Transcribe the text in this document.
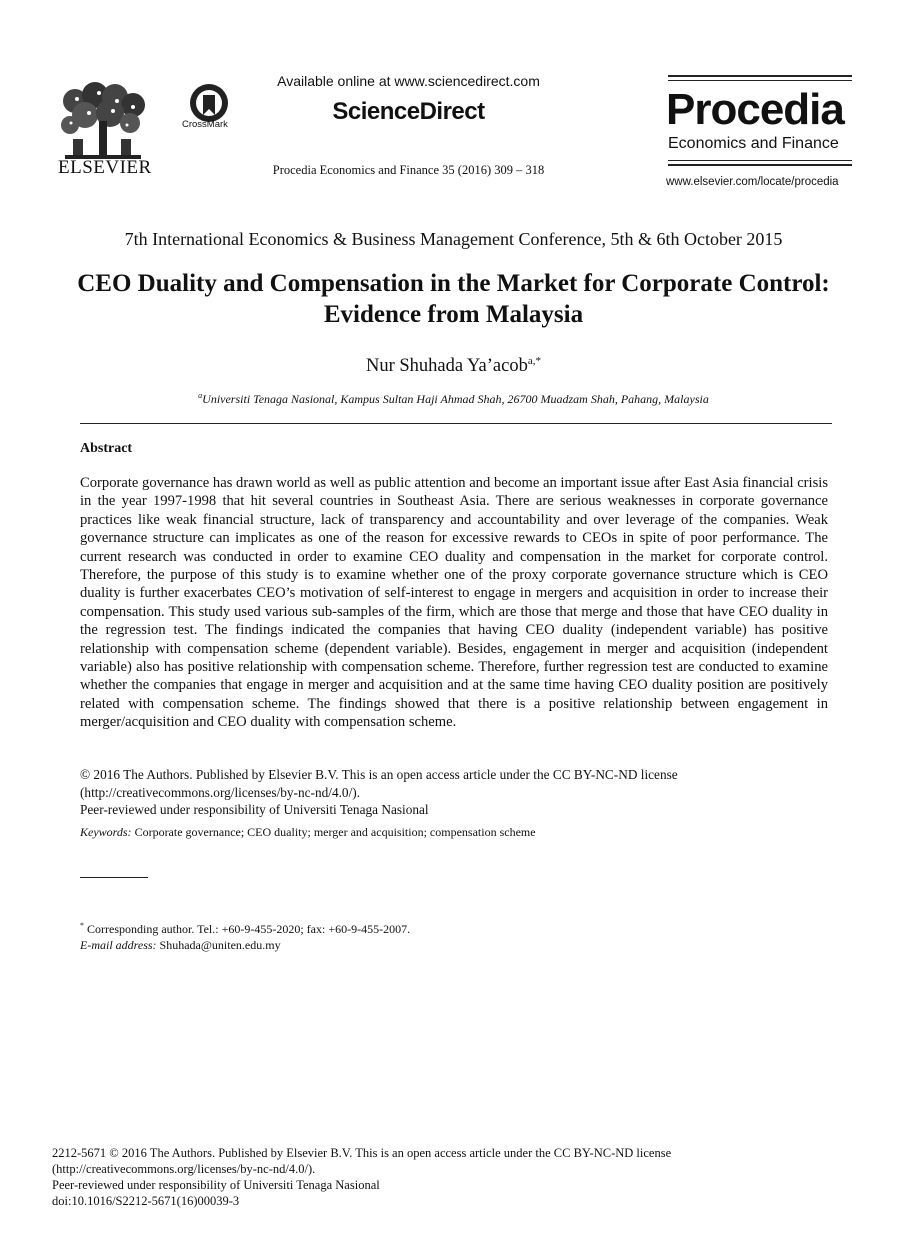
ELSEVIER
CrossMark
Available online at www.sciencedirect.com
ScienceDirect
Procedia Economics and Finance 35 (2016) 309 – 318
Procedia
Economics and Finance
www.elsevier.com/locate/procedia
7th International Economics & Business Management Conference, 5th & 6th October 2015
CEO Duality and Compensation in the Market for Corporate Control: Evidence from Malaysia
Nur Shuhada Ya’acob$^{a,*}$
$^a$Universiti Tenaga Nasional, Kampus Sultan Haji Ahmad Shah, 26700 Muadzam Shah, Pahang, Malaysia
Abstract
Corporate governance has drawn world as well as public attention and become an important issue after East Asia financial crisis in the year 1997-1998 that hit several countries in Southeast Asia. There are serious weaknesses in corporate governance practices like weak financial structure, lack of transparency and accountability and over leverage of the companies. Weak governance structure can implicates as one of the reason for excessive rewards to CEOs in spite of poor performance. The current research was conducted in order to examine CEO duality and compensation in the market for corporate control. Therefore, the purpose of this study is to examine whether one of the proxy corporate governance structure which is CEO duality is further exacerbates CEO’s motivation of self-interest to engage in mergers and acquisition in order to increase their compensation. This study used various sub-samples of the firm, which are those that merge and those that have CEO duality in the regression test. The findings indicated the companies that having CEO duality (independent variable) has positive relationship with compensation scheme (dependent variable). Besides, engagement in merger and acquisition (independent variable) also has positive relationship with compensation scheme. Therefore, further regression test are conducted to examine whether the companies that engage in merger and acquisition and at the same time having CEO duality position are positively related with compensation scheme. The findings showed that there is a positive relationship between engagement in merger/acquisition and CEO duality with compensation scheme.
© 2016 The Authors. Published by Elsevier B.V. This is an open access article under the CC BY-NC-ND license
(http://creativecommons.org/licenses/by-nc-nd/4.0/).
Peer-reviewed under responsibility of Universiti Tenaga Nasional
Keywords: Corporate governance; CEO duality; merger and acquisition; compensation scheme
* Corresponding author. Tel.: +60-9-455-2020; fax: +60-9-455-2007.
E-mail address: Shuhada@uniten.edu.my
2212-5671 © 2016 The Authors. Published by Elsevier B.V. This is an open access article under the CC BY-NC-ND license
(http://creativecommons.org/licenses/by-nc-nd/4.0/).
Peer-reviewed under responsibility of Universiti Tenaga Nasional
doi:10.1016/S2212-5671(16)00039-3
